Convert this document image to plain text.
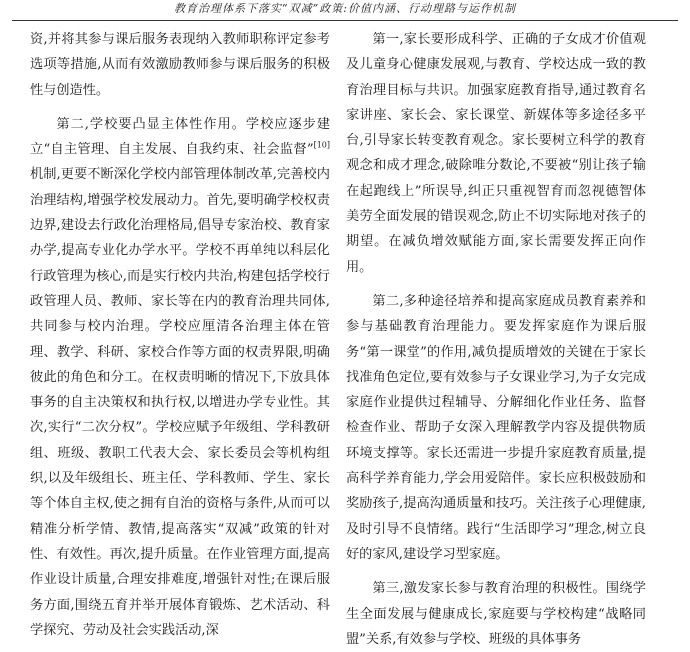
教育治理体系下落实“双减”政策:价值内涵、行动理路与运作机制

资,并将其参与课后服务表现纳入教师职称评定参考选项等措施,从而有效激励教师参与课后服务的积极性与创造性。

第二,学校要凸显主体性作用。学校应逐步建立“自主管理、自主发展、自我约束、社会监督”[10]机制,更要不断深化学校内部管理体制改革,完善校内治理结构,增强学校发展动力。首先,要明确学校权责边界,建设去行政化治理格局,倡导专家治校、教育家办学,提高专业化办学水平。学校不再单纯以科层化行政管理为核心,而是实行校内共治,构建包括学校行政管理人员、教师、家长等在内的教育治理共同体,共同参与校内治理。学校应厘清各治理主体在管理、教学、科研、家校合作等方面的权责界限,明确彼此的角色和分工。在权责明晰的情况下,下放具体事务的自主决策权和执行权,以增进办学专业性。其次,实行“二次分权”。学校应赋予年级组、学科教研组、班级、教职工代表大会、家长委员会等机构组织,以及年级组长、班主任、学科教师、学生、家长等个体自主权,使之拥有自治的资格与条件,从而可以精准分析学情、教情,提高落实“双减”政策的针对性、有效性。再次,提升质量。在作业管理方面,提高作业设计质量,合理安排难度,增强针对性;在课后服务方面,围绕五育并举开展体育锻炼、艺术活动、科学探究、劳动及社会实践活动,深

第一,家长要形成科学、正确的子女成才价值观及儿童身心健康发展观,与教育、学校达成一致的教育治理目标与共识。加强家庭教育指导,通过教育名家讲座、家长会、家长课堂、新媒体等多途径多平台,引导家长转变教育观念。家长要树立科学的教育观念和成才理念,破除唯分数论,不要被“别让孩子输在起跑线上”所误导,纠正只重视智育而忽视德智体美劳全面发展的错误观念,防止不切实际地对孩子的期望。在减负增效赋能方面,家长需要发挥正向作用。

第二,多种途径培养和提高家庭成员教育素养和参与基础教育治理能力。要发挥家庭作为课后服务“第一课堂”的作用,减负提质增效的关键在于家长找准角色定位,要有效参与子女课业学习,为子女完成家庭作业提供过程辅导、分解细化作业任务、监督检查作业、帮助子女深入理解教学内容及提供物质环境支撑等。家长还需进一步提升家庭教育质量,提高科学养育能力,学会用爱陪伴。家长应积极鼓励和奖励孩子,提高沟通质量和技巧。关注孩子心理健康,及时引导不良情绪。践行“生活即学习”理念,树立良好的家风,建设学习型家庭。

第三,激发家长参与教育治理的积极性。围绕学生全面发展与健康成长,家庭要与学校构建“战略同盟”关系,有效参与学校、班级的具体事务
